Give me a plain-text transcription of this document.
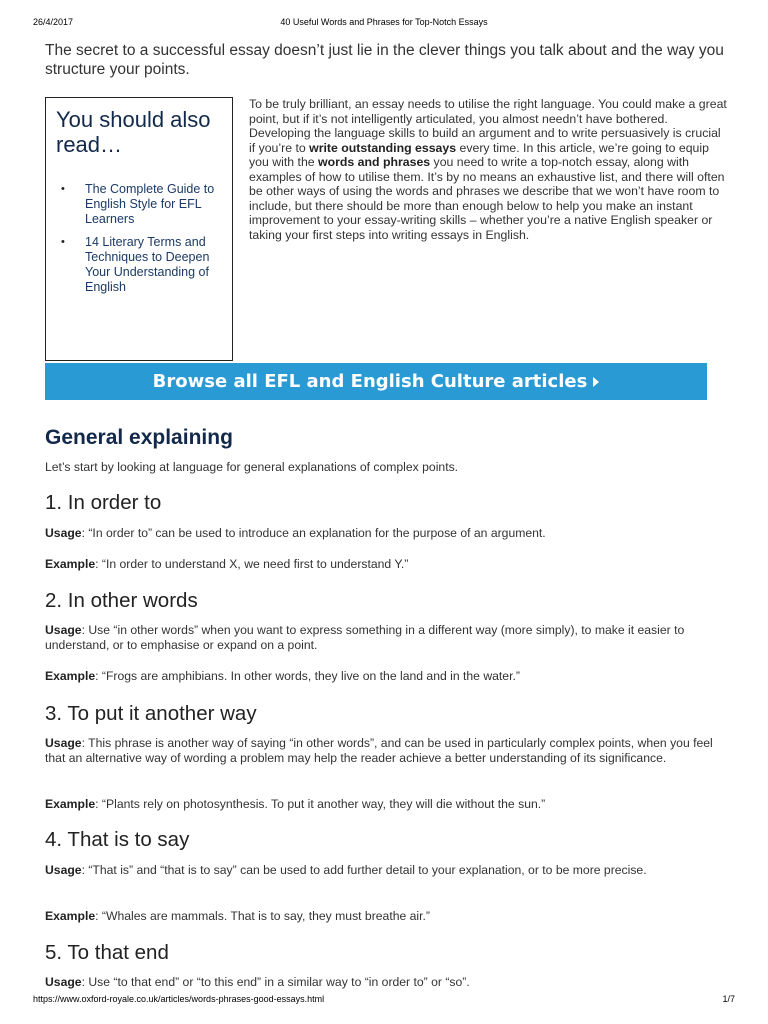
26/4/2017	40 Useful Words and Phrases for Top-Notch Essays
The secret to a successful essay doesn’t just lie in the clever things you talk about and the way you structure your points.
You should also read…
• The Complete Guide to English Style for EFL Learners
• 14 Literary Terms and Techniques to Deepen Your Understanding of English
To be truly brilliant, an essay needs to utilise the right language. You could make a great point, but if it’s not intelligently articulated, you almost needn’t have bothered. Developing the language skills to build an argument and to write persuasively is crucial if you’re to write outstanding essays every time. In this article, we’re going to equip you with the words and phrases you need to write a top-notch essay, along with examples of how to utilise them. It’s by no means an exhaustive list, and there will often be other ways of using the words and phrases we describe that we won’t have room to include, but there should be more than enough below to help you make an instant improvement to your essay-writing skills – whether you’re a native English speaker or taking your first steps into writing essays in English.
Browse all EFL and English Culture articles
General explaining
Let’s start by looking at language for general explanations of complex points.
1. In order to
Usage: “In order to” can be used to introduce an explanation for the purpose of an argument.
Example: “In order to understand X, we need first to understand Y.”
2. In other words
Usage: Use “in other words” when you want to express something in a different way (more simply), to make it easier to understand, or to emphasise or expand on a point.
Example: “Frogs are amphibians. In other words, they live on the land and in the water.”
3. To put it another way
Usage: This phrase is another way of saying “in other words”, and can be used in particularly complex points, when you feel that an alternative way of wording a problem may help the reader achieve a better understanding of its significance.
Example: “Plants rely on photosynthesis. To put it another way, they will die without the sun.”
4. That is to say
Usage: “That is” and “that is to say” can be used to add further detail to your explanation, or to be more precise.
Example: “Whales are mammals. That is to say, they must breathe air.”
5. To that end
Usage: Use “to that end” or “to this end” in a similar way to “in order to” or “so”.
https://www.oxford-royale.co.uk/articles/words-phrases-good-essays.html	1/7
